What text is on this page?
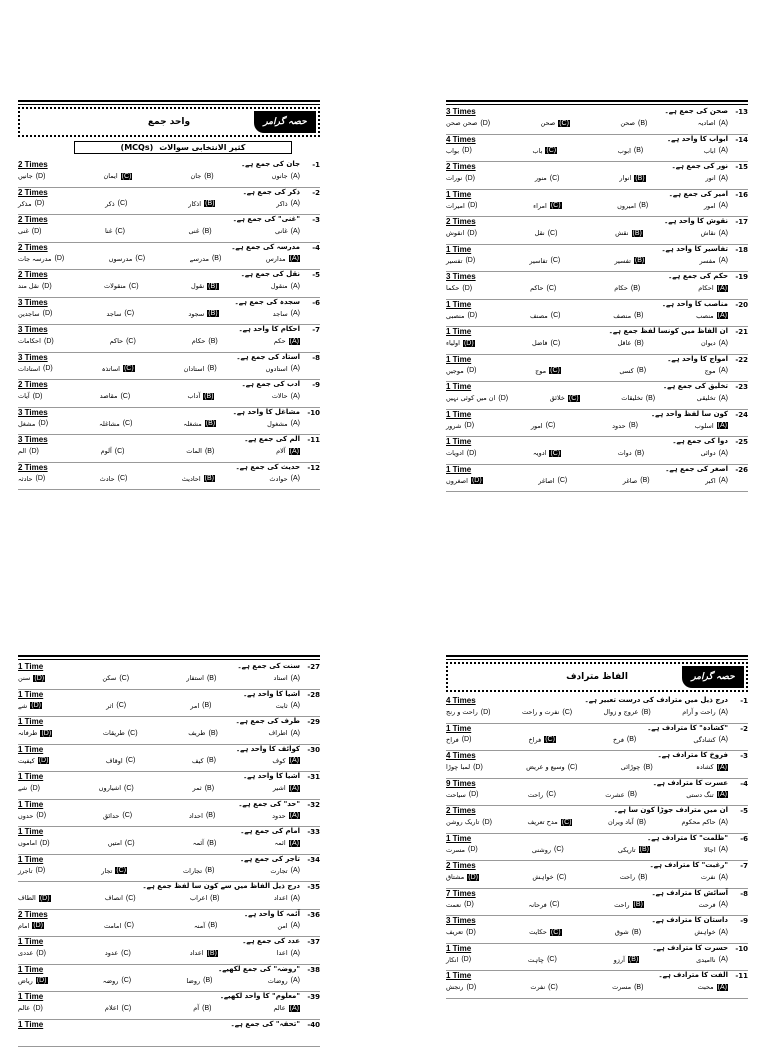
حصہ گرامر
واحد جمع
(MCQs) کثیر الانتخابی سوالات
2 Times	-1
جان کی جمع ہے۔
جانوں (A)
جان (B)
ایمان (C)
جانیں (D)
2 Times	-2
ذکر کی جمع ہے۔
ذاکر (A)
اذکار (B)
ذکر (C)
مذکر (D)
2 Times	-3
"غنی" کی جمع ہے۔
غانی (A)
غنی (B)
غنا (C)
غنی (D)
2 Times	-4
مدرسہ کی جمع ہے۔
مدارس (A)
مدرسے (B)
مدرسوں (C)
مدرسہ جات (D)
2 Times	-5
نقل کی جمع ہے۔
منقول (A)
نقول (B)
منقولات (C)
نقل مند (D)
3 Times	-6
سجدہ کی جمع ہے۔
ساجد (A)
سجود (B)
ساجد (C)
ساجدین (D)
3 Times	-7
احکام کا واحد ہے۔
حکم (A)
حکام (B)
حاکم (C)
احکامات (D)
3 Times	-8
استاد کی جمع ہے۔
استادوں (A)
استادان (B)
اساتذہ (C)
استادات (D)
2 Times	-9
ادب کی جمع ہے۔
حالات (A)
آداب (B)
مقاصد (C)
آیات (D)
3 Times	-10
مشاغل کا واحد ہے۔
مشغول (A)
مشغلہ (B)
مشاغلہ (C)
مشغل (D)
3 Times	-11
الم کی جمع ہے۔
آلام (A)
المات (B)
آلوم (C)
الم (D)
2 Times	-12
حدیث کی جمع ہے۔
حوادث (A)
احادیث (B)
حادث (C)
حادثہ (D)
3 Times	-13
صحن کی جمع ہے۔
اصادیہ (A)
صحن (B)
صحن (C)
صحن صحن (D)
4 Times	-14
ابواب کا واحد ہے۔
اباب (A)
ابوب (B)
باب (C)
بواب (D)
2 Times	-15
نور کی جمع ہے۔
انور (A)
انوار (B)
منور (C)
نورات (D)
1 Time	-16
امیر کی جمع ہے۔
امور (A)
امیروں (B)
امراء (C)
امیرات (D)
2 Times	-17
نقوش کا واحد ہے۔
نقاش (A)
نقش (B)
نقل (C)
انقوش (D)
1 Time	-18
تفاسیر کا واحد ہے۔
مفسر (A)
تفسیر (B)
تفاسیر (C)
تفسیر (D)
3 Times	-19
حکم کی جمع ہے۔
احکام (A)
حکام (B)
حاکم (C)
حکما (D)
1 Time	-20
مناصب کا واحد ہے۔
منصب (A)
منصف (B)
مصنف (C)
منصبی (D)
1 Time	-21
ان الفاظ میں کونسا لفظ جمع ہے۔
دیوان (A)
عاقل (B)
فاضل (C)
اولیاء (D)
1 Time	-22
امواج کا واحد ہے۔
موج (A)
کسی (B)
موج (C)
موجیں (D)
1 Time	-23
تخلیق کی جمع ہے۔
تخلیقی (A)
تخلیقات (B)
خلائق (C)
ان میں کوئی نہیں (D)
1 Time	-24
کون سا لفظ واحد ہے۔
اسلوب (A)
حدود (B)
امور (C)
شرور (D)
1 Time	-25
دوا کی جمع ہے۔
دوائی (A)
دوات (B)
ادویہ (C)
ادویات (D)
1 Time	-26
اصغر کی جمع ہے۔
اکبر (A)
صاغر (B)
اصاغر (C)
اصغروں (D)
1 Time	-27
سنت کی جمع ہے۔
استاد (A)
استفار (B)
سکن (C)
سنن (D)
1 Time	-28
اشیا کا واحد ہے۔
ثابت (A)
امر (B)
اثر (C)
شے (D)
1 Time	-29
طرف کی جمع ہے۔
اطراف (A)
طریف (B)
طریقات (C)
طرفانہ (D)
1 Time	-30
کوائف کا واحد ہے۔
کوف (A)
کیف (B)
اوقاف (C)
کیفیت (D)
1 Time	-31
اشیا کا واحد ہے۔
اشیر (A)
ثمر (B)
اشیاروں (C)
شے (D)
1 Time	-32
"حد" کی جمع ہے۔
حدود (A)
احداد (B)
حدائق (C)
حدوں (D)
1 Time	-33
امام کی جمع ہے۔
ائمہ (A)
آئمہ (B)
امتیں (C)
اماموں (D)
1 Time	-34
تاجر کی جمع ہے۔
تجارت (A)
تجارات (B)
تجار (C)
تاجرز (D)
-35
درج ذیل الفاظ میں سے کون سا لفظ جمع ہے۔
اعداد (A)
اعراب (B)
انصاف (C)
الطاف (D)
2 Times	-36
آئمہ کا واحد ہے۔
امن (A)
آمنہ (B)
امامت (C)
امام (D)
1 Time	-37
عدد کی جمع ہے۔
اعدا (A)
اعداد (B)
عدود (C)
عددی (D)
1 Time	-38
"روضہ" کی جمع لکھیے۔
روضات (A)
روضا (B)
روضہ (C)
ریاض (D)
1 Time	-39
"معلوم" کا واحد لکھیے۔
عالم (A)
آم (B)
اعلام (C)
عالم (D)
1 Time	-40
"تحفہ" کی جمع ہے۔
حصہ گرامر
الفاظ مترادف
4 Times	-1
درج ذیل میں مترادف کی درست تعبیر ہے۔
راحت و آرام (A)
عروج و زوال (B)
نفرت و راحت (C)
راحت و رنج (D)
1 Time	-2
"کشادہ" کا مترادف ہے۔
کشادگی (A)
فرخ (B)
فراخ (C)
فراخ (D)
4 Times	-3
فروخ کا مترادف ہے۔
کشادہ (A)
چوڑائی (B)
وسیع و عریض (C)
لمبا چوڑا (D)
9 Times	-4
عسرت کا مترادف ہے۔
تنگ دستی (A)
عشرت (B)
راحت (C)
سیاحت (D)
2 Times	-5
ان میں مترادف جوڑا کون سا ہے۔
حاکم محکوم (A)
آباد ویران (B)
مدح تعریف (C)
تاریک روشن (D)
1 Time	-6
"ظلمت" کا مترادف ہے۔
اجالا (A)
تاریکی (B)
روشنی (C)
مسرت (D)
2 Times	-7
"رغبت" کا مترادف ہے۔
نفرت (A)
راحت (B)
خواہش (C)
مشتاق (D)
7 Times	-8
آسائش کا مترادف ہے۔
فرحت (A)
راحت (B)
فرحانہ (C)
نعمت (D)
3 Times	-9
داستان کا مترادف ہے۔
خواہش (A)
شوق (B)
حکایت (C)
تعریف (D)
1 Time	-10
حسرت کا مترادف ہے۔
ناامیدی (A)
آرزو (B)
چاہت (C)
انکار (D)
1 Time	-11
الفت کا مترادف ہے۔
محبت (A)
مسرت (B)
نفرت (C)
رنجش (D)
